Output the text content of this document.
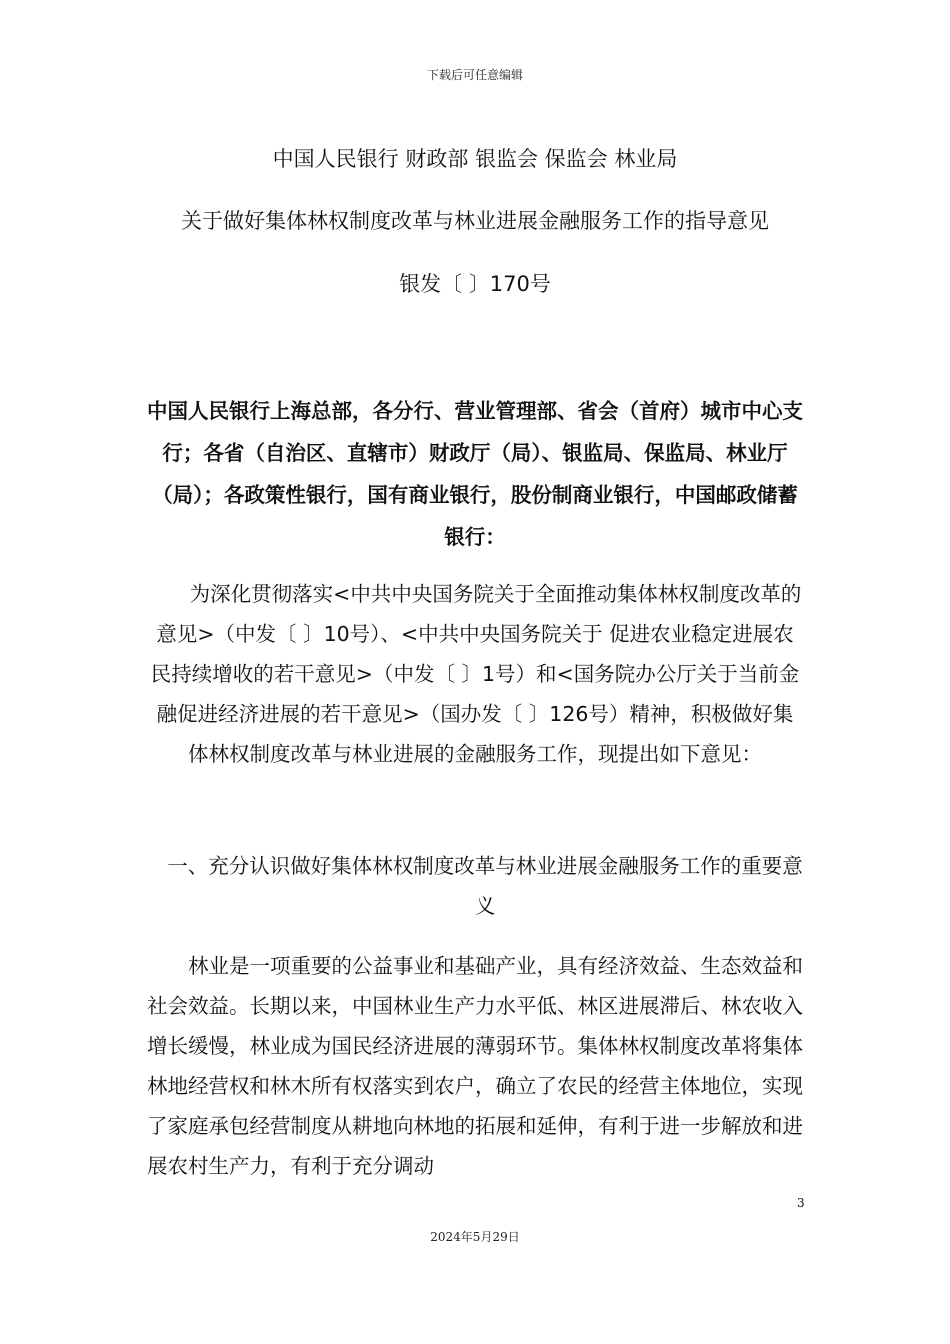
下载后可任意编辑
中国人民银行 财政部 银监会 保监会 林业局
关于做好集体林权制度改革与林业进展金融服务工作的指导意见
银发〔 〕170号
中国人民银行上海总部，各分行、营业管理部、省会（首府）城市中心支行；各省（自治区、直辖市）财政厅（局）、银监局、保监局、林业厅（局）；各政策性银行，国有商业银行，股份制商业银行，中国邮政储蓄银行：
为深化贯彻落实<中共中央国务院关于全面推动集体林权制度改革的意见>（中发〔 〕10号）、<中共中央国务院关于 促进农业稳定进展农民持续增收的若干意见>（中发〔 〕1号）和<国务院办公厅关于当前金融促进经济进展的若干意见>（国办发〔 〕126号）精神，积极做好集体林权制度改革与林业进展的金融服务工作，现提出如下意见：
一、充分认识做好集体林权制度改革与林业进展金融服务工作的重要意义
林业是一项重要的公益事业和基础产业，具有经济效益、生态效益和社会效益。长期以来，中国林业生产力水平低、林区进展滞后、林农收入增长缓慢，林业成为国民经济进展的薄弱环节。集体林权制度改革将集体林地经营权和林木所有权落实到农户，确立了农民的经营主体地位，实现了家庭承包经营制度从耕地向林地的拓展和延伸，有利于进一步解放和进展农村生产力，有利于充分调动
3
2024年5月29日
